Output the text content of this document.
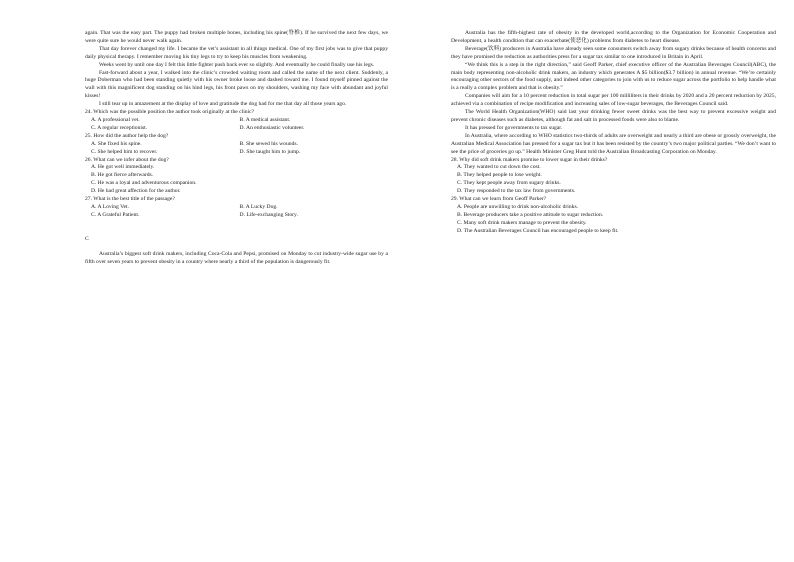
again. That was the easy part. The puppy had broken multiple bones, including his spine(脊椎). If he survived the next few days, we were quite sure he would never walk again.

That day forever changed my life. I became the vet’s assistant in all things medical. One of my first jobs was to give that puppy daily physical therapy. I remember moving his tiny legs to try to keep his muscles from weakening.

Weeks went by until one day I felt this little fighter push back ever so slightly. And eventually he could finally use his legs.

Fast-forward about a year, I walked into the clinic’s crowded waiting room and called the name of the next client. Suddenly, a huge Doberman who had been standing quietly with his owner broke loose and dashed toward me. I found myself pinned against the wall with this magnificent dog standing on his hind legs, his front paws on my shoulders, washing my face with abundant and joyful kisses!

I still tear up in amazement at the display of love and gratitude the dog had for me that day all those years ago.

24. Which was the possible position the author took originally at the clinic?

A. A professional vet.	B. A medical assistant.
C. A regular receptionist.	D. An enthusiastic volunteer.

25. How did the author help the dog?

A. She fixed his spine.	B. She sewed his wounds.
C. She helped him to recover.	D. She taught him to jump.

26. What can we infer about the dog?

A. He got well immediately.
B. He got fierce afterwards.
C. He was a loyal and adventurous companion.
D. He had great affection for the author.

27. What is the best title of the passage?

A. A Loving Vet.	B. A Lucky Dog.
C. A Grateful Patient.	D. Life-exchanging Story.

C

Australia’s biggest soft drink makers, including Coca-Cola and Pepsi, promised on Monday to cut industry-wide sugar use by a fifth over seven years to prevent obesity in a country where nearly a third of the population is dangerously fit.

Australia has the fifth-highest rate of obesity in the developed world,according to the Organization for Economic Cooperation and Development, a health condition that can exacerbate(使恶化) problems from diabetes to heart disease.

Beverage(饮料) producers in Australia have already seen some consumers switch away from sugary drinks because of health concerns and they have promised the reduction as authorities press for a sugar tax similar to one introduced in Britain in April.

“We think this is a step in the right direction,” said Geoff Parker, chief executive officer of the Australian Beverages Council(ABC), the main body representing non-alcoholic drink makers, an industry which generates A $5 billion($3.7 billion) in annual revenue. “We’re certainly encouraging other sectors of the food supply, and indeed other categories to join with us to reduce sugar across the portfolio to help handle what is a really a complex problem and that is obesity.”

Companies will aim for a 10 percent reduction in total sugar per 100 milliliters in their drinks by 2020 and a 20 percent reduction by 2025, achieved via a combination of recipe modification and increasing sales of low-sugar beverages, the Beverages Council said.

The World Health Organization(WHO) said last year drinking fewer sweet drinks was the best way to prevent excessive weight and prevent chronic diseases such as diabetes, although fat and salt in processed foods were also to blame.

It has pressed for governments to tax sugar.

In Australia, where according to WHO statistics two-thirds of adults are overweight and nearly a third are obese or grossly overweight, the Australian Medical Association has pressed for a sugar tax but it has been resisted by the country’s two major political parties. “We don’t want to see the price of groceries go up.” Health Minister Greg Hunt told the Australian Broadcasting Corporation on Monday.

28. Why did soft drink makers promise to lower sugar in their drinks?

A. They wanted to cut down the cost.
B. They helped people to lose weight.
C. They kept people away from sugary drinks.
D. They responded to the tax law from governments.

29. What can we learn from Geoff Parker?

A. People are unwilling to drink non-alcoholic drinks.
B. Beverage producers take a positive attitude to sugar reduction.
C. Many soft drink makers manage to prevent the obesity.
D. The Australian Beverages Council has encouraged people to keep fit.
